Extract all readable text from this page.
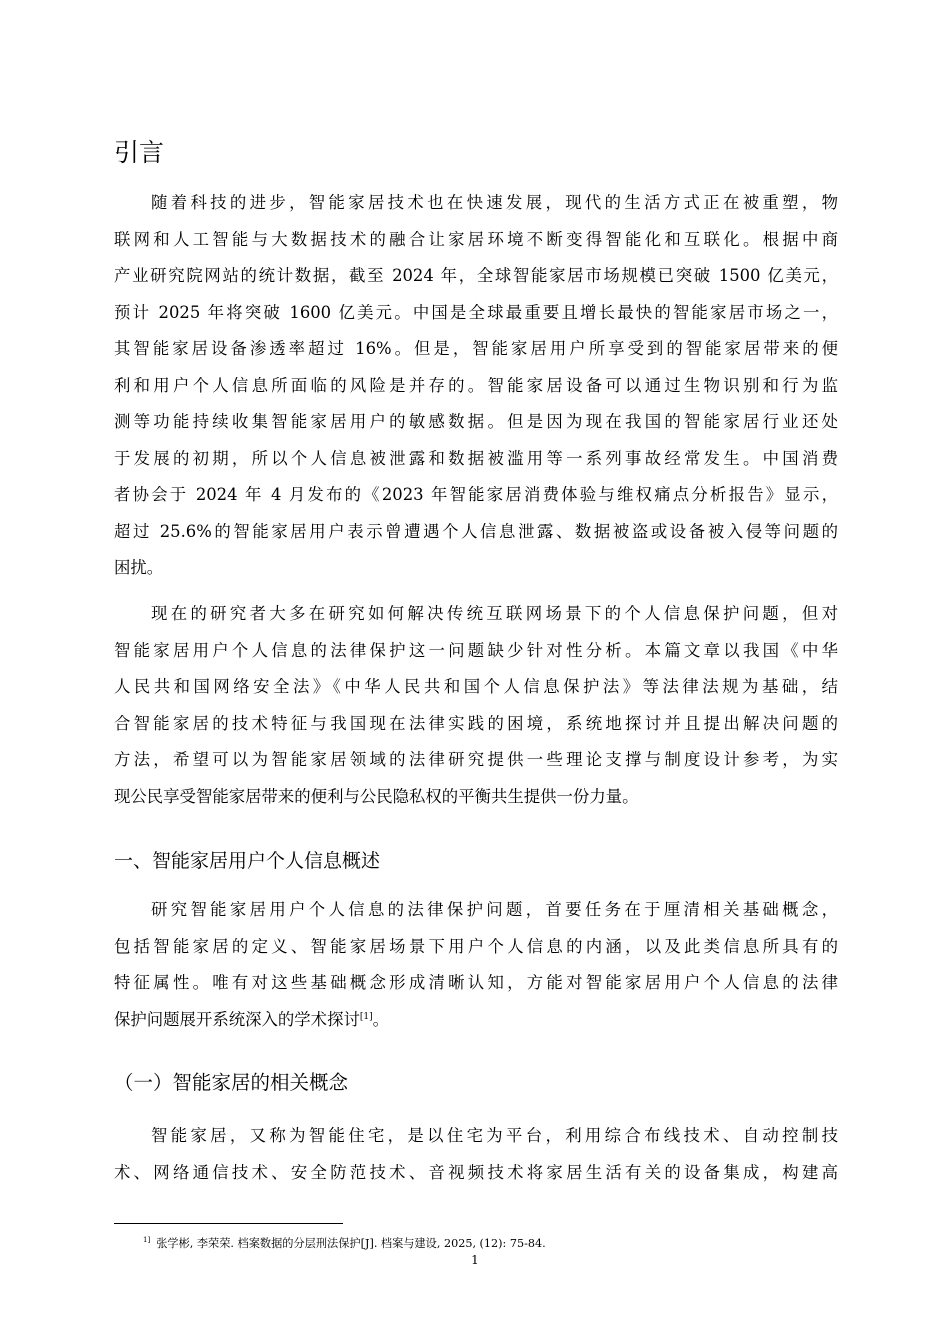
引言
随着科技的进步，智能家居技术也在快速发展，现代的生活方式正在被重塑，物
联网和人工智能与大数据技术的融合让家居环境不断变得智能化和互联化。根据中商
产业研究院网站的统计数据，截至 2024 年，全球智能家居市场规模已突破 1500 亿美元，
预计 2025 年将突破 1600 亿美元。中国是全球最重要且增长最快的智能家居市场之一，
其智能家居设备渗透率超过 16%。但是，智能家居用户所享受到的智能家居带来的便
利和用户个人信息所面临的风险是并存的。智能家居设备可以通过生物识别和行为监
测等功能持续收集智能家居用户的敏感数据。但是因为现在我国的智能家居行业还处
于发展的初期，所以个人信息被泄露和数据被滥用等一系列事故经常发生。中国消费
者协会于 2024 年 4 月发布的《2023 年智能家居消费体验与维权痛点分析报告》显示，
超过 25.6%的智能家居用户表示曾遭遇个人信息泄露、数据被盗或设备被入侵等问题的
困扰。
现在的研究者大多在研究如何解决传统互联网场景下的个人信息保护问题，但对
智能家居用户个人信息的法律保护这一问题缺少针对性分析。本篇文章以我国《中华
人民共和国网络安全法》《中华人民共和国个人信息保护法》等法律法规为基础，结
合智能家居的技术特征与我国现在法律实践的困境，系统地探讨并且提出解决问题的
方法，希望可以为智能家居领域的法律研究提供一些理论支撑与制度设计参考，为实
现公民享受智能家居带来的便利与公民隐私权的平衡共生提供一份力量。
一、智能家居用户个人信息概述
研究智能家居用户个人信息的法律保护问题，首要任务在于厘清相关基础概念，
包括智能家居的定义、智能家居场景下用户个人信息的内涵，以及此类信息所具有的
特征属性。唯有对这些基础概念形成清晰认知，方能对智能家居用户个人信息的法律
保护问题展开系统深入的学术探讨[1]。
（一）智能家居的相关概念
智能家居，又称为智能住宅，是以住宅为平台，利用综合布线技术、自动控制技
术、网络通信技术、安全防范技术、音视频技术将家居生活有关的设备集成，构建高
$^{1]}$ 张学彬, 李荣荣. 档案数据的分层刑法保护[J]. 档案与建设, 2025, (12): 75-84.
1
